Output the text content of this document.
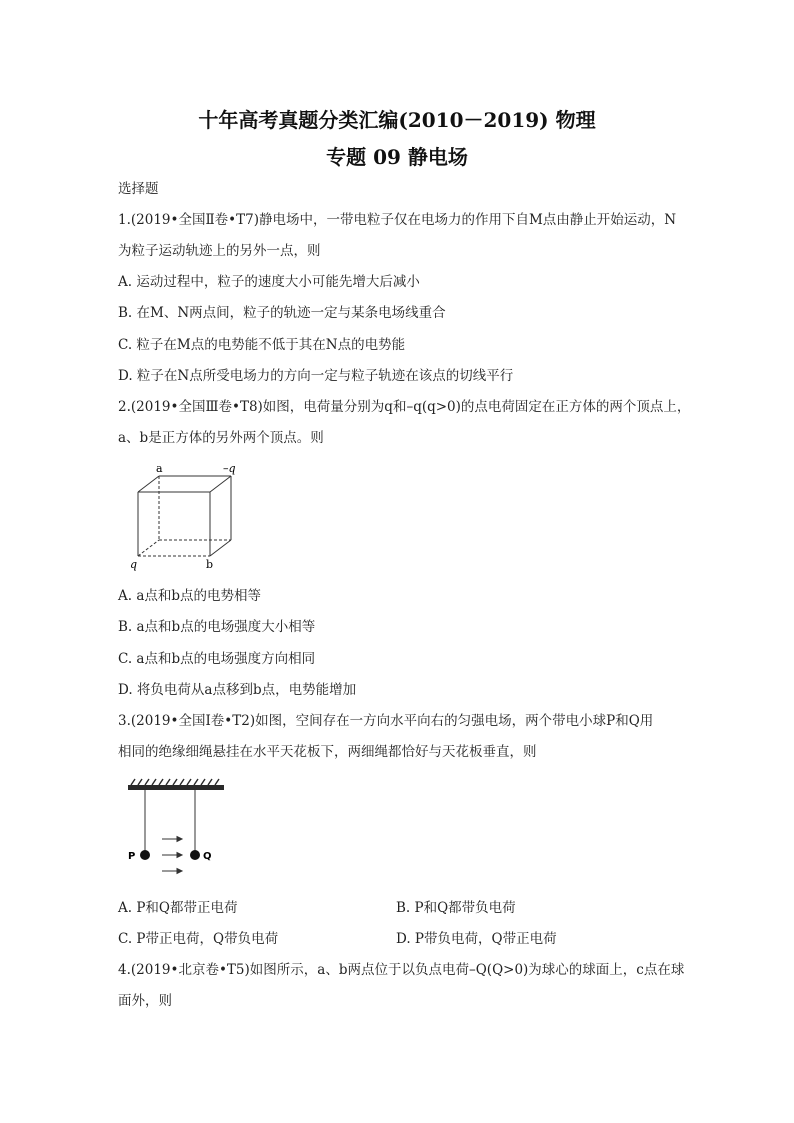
十年高考真题分类汇编(2010－2019) 物理
专题 09 静电场
选择题
1.(2019•全国Ⅱ卷•T7)静电场中，一带电粒子仅在电场力的作用下自M点由静止开始运动，N
为粒子运动轨迹上的另外一点，则
A. 运动过程中，粒子的速度大小可能先增大后减小
B. 在M、N两点间，粒子的轨迹一定与某条电场线重合
C. 粒子在M点的电势能不低于其在N点的电势能
D. 粒子在N点所受电场力的方向一定与粒子轨迹在该点的切线平行
2.(2019•全国Ⅲ卷•T8)如图，电荷量分别为q和–q(q>0)的点电荷固定在正方体的两个顶点上，
a、b是正方体的另外两个顶点。则
a	–q
q	b
A. a点和b点的电势相等
B. a点和b点的电场强度大小相等
C. a点和b点的电场强度方向相同
D. 将负电荷从a点移到b点，电势能增加
3.(2019•全国Ⅰ卷•T2)如图，空间存在一方向水平向右的匀强电场，两个带电小球P和Q用
相同的绝缘细绳悬挂在水平天花板下，两细绳都恰好与天花板垂直，则
P	Q
A. P和Q都带正电荷	B. P和Q都带负电荷
C. P带正电荷，Q带负电荷	D. P带负电荷，Q带正电荷
4.(2019•北京卷•T5)如图所示，a、b两点位于以负点电荷–Q(Q>0)为球心的球面上，c点在球
面外，则
